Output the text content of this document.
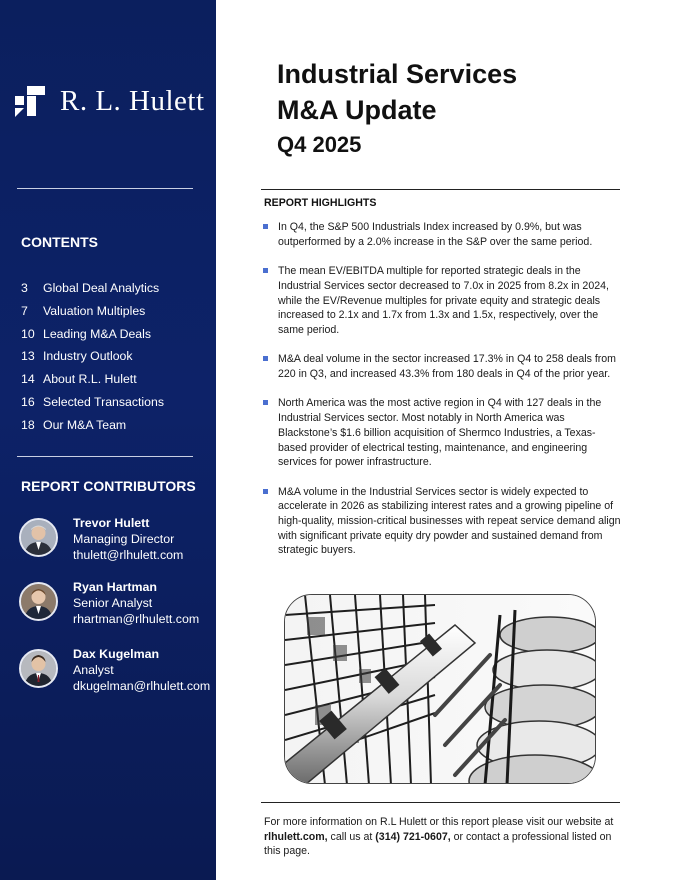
R. L. Hulett
CONTENTS
3 Global Deal Analytics
7 Valuation Multiples
10 Leading M&A Deals
13 Industry Outlook
14 About R.L. Hulett
16 Selected Transactions
18 Our M&A Team
REPORT CONTRIBUTORS
Trevor Hulett
Managing Director
thulett@rlhulett.com
Ryan Hartman
Senior Analyst
rhartman@rlhulett.com
Dax Kugelman
Analyst
dkugelman@rlhulett.com
Industrial Services
M&A Update
Q4 2025
REPORT HIGHLIGHTS
In Q4, the S&P 500 Industrials Index increased by 0.9%, but was outperformed by a 2.0% increase in the S&P over the same period.
The mean EV/EBITDA multiple for reported strategic deals in the Industrial Services sector decreased to 7.0x in 2025 from 8.2x in 2024, while the EV/Revenue multiples for private equity and strategic deals increased to 2.1x and 1.7x from 1.3x and 1.5x, respectively, over the same period.
M&A deal volume in the sector increased 17.3% in Q4 to 258 deals from 220 in Q3, and increased 43.3% from 180 deals in Q4 of the prior year.
North America was the most active region in Q4 with 127 deals in the Industrial Services sector. Most notably in North America was Blackstone’s $1.6 billion acquisition of Shermco Industries, a Texas-based provider of electrical testing, maintenance, and engineering services for power infrastructure.
M&A volume in the Industrial Services sector is widely expected to accelerate in 2026 as stabilizing interest rates and a growing pipeline of high-quality, mission-critical businesses with repeat service demand align with significant private equity dry powder and sustained demand from strategic buyers.
For more information on R.L Hulett or this report please visit our website at rlhulett.com, call us at (314) 721-0607, or contact a professional listed on this page.
